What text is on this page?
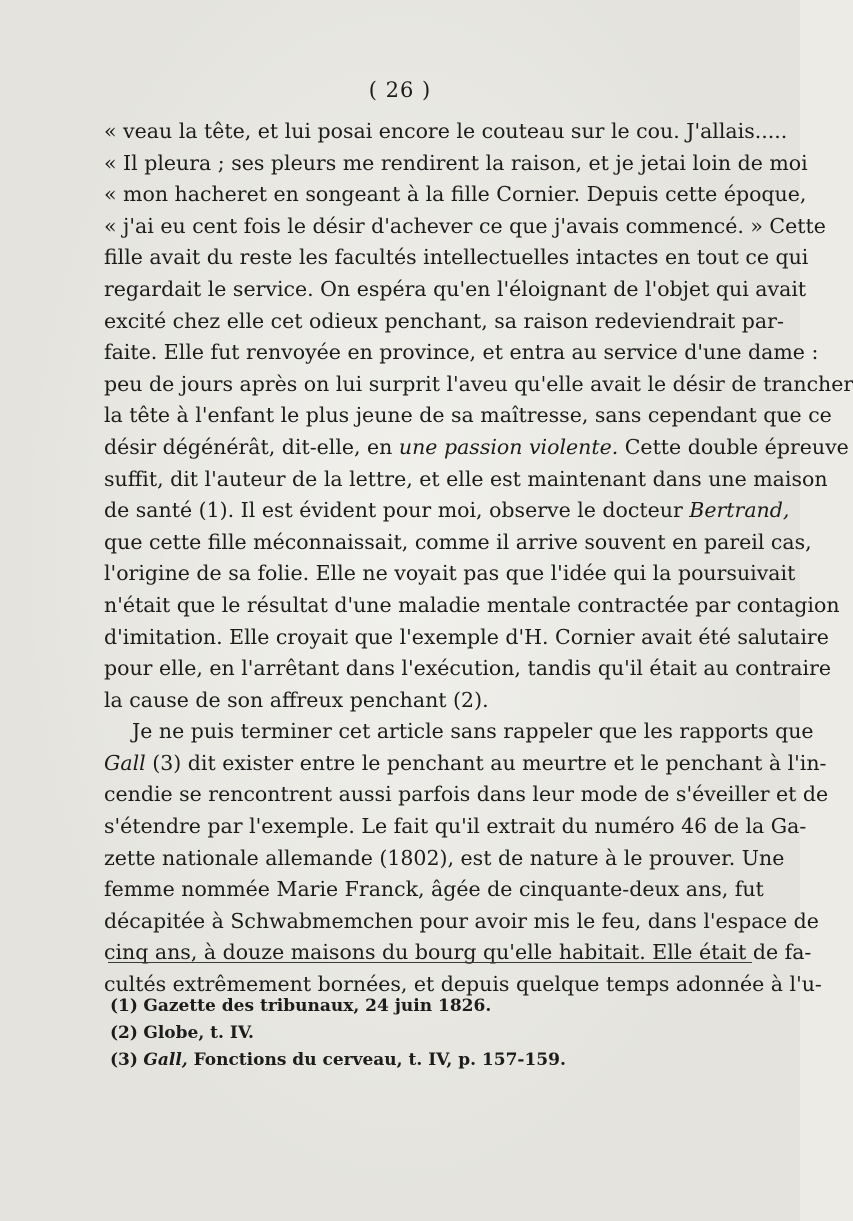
( 26 )
« veau la tête, et lui posai encore le couteau sur le cou. J'allais.....
« Il pleura ; ses pleurs me rendirent la raison, et je jetai loin de moi
« mon hacheret en songeant à la fille Cornier. Depuis cette époque,
« j'ai eu cent fois le désir d'achever ce que j'avais commencé. » Cette
fille avait du reste les facultés intellectuelles intactes en tout ce qui
regardait le service. On espéra qu'en l'éloignant de l'objet qui avait
excité chez elle cet odieux penchant, sa raison redeviendrait par-
faite. Elle fut renvoyée en province, et entra au service d'une dame :
peu de jours après on lui surprit l'aveu qu'elle avait le désir de trancher
la tête à l'enfant le plus jeune de sa maîtresse, sans cependant que ce
désir dégénérât, dit-elle, en une passion violente. Cette double épreuve
suffit, dit l'auteur de la lettre, et elle est maintenant dans une maison
de santé (1). Il est évident pour moi, observe le docteur Bertrand,
que cette fille méconnaissait, comme il arrive souvent en pareil cas,
l'origine de sa folie. Elle ne voyait pas que l'idée qui la poursuivait
n'était que le résultat d'une maladie mentale contractée par contagion
d'imitation. Elle croyait que l'exemple d'H. Cornier avait été salutaire
pour elle, en l'arrêtant dans l'exécution, tandis qu'il était au contraire
la cause de son affreux penchant (2).
Je ne puis terminer cet article sans rappeler que les rapports que
Gall (3) dit exister entre le penchant au meurtre et le penchant à l'in-
cendie se rencontrent aussi parfois dans leur mode de s'éveiller et de
s'étendre par l'exemple. Le fait qu'il extrait du numéro 46 de la Ga-
zette nationale allemande (1802), est de nature à le prouver. Une
femme nommée Marie Franck, âgée de cinquante-deux ans, fut
décapitée à Schwabmemchen pour avoir mis le feu, dans l'espace de
cinq ans, à douze maisons du bourg qu'elle habitait. Elle était de fa-
cultés extrêmement bornées, et depuis quelque temps adonnée à l'u-
(1) Gazette des tribunaux, 24 juin 1826.
(2) Globe, t. IV.
(3) Gall, Fonctions du cerveau, t. IV, p. 157-159.
